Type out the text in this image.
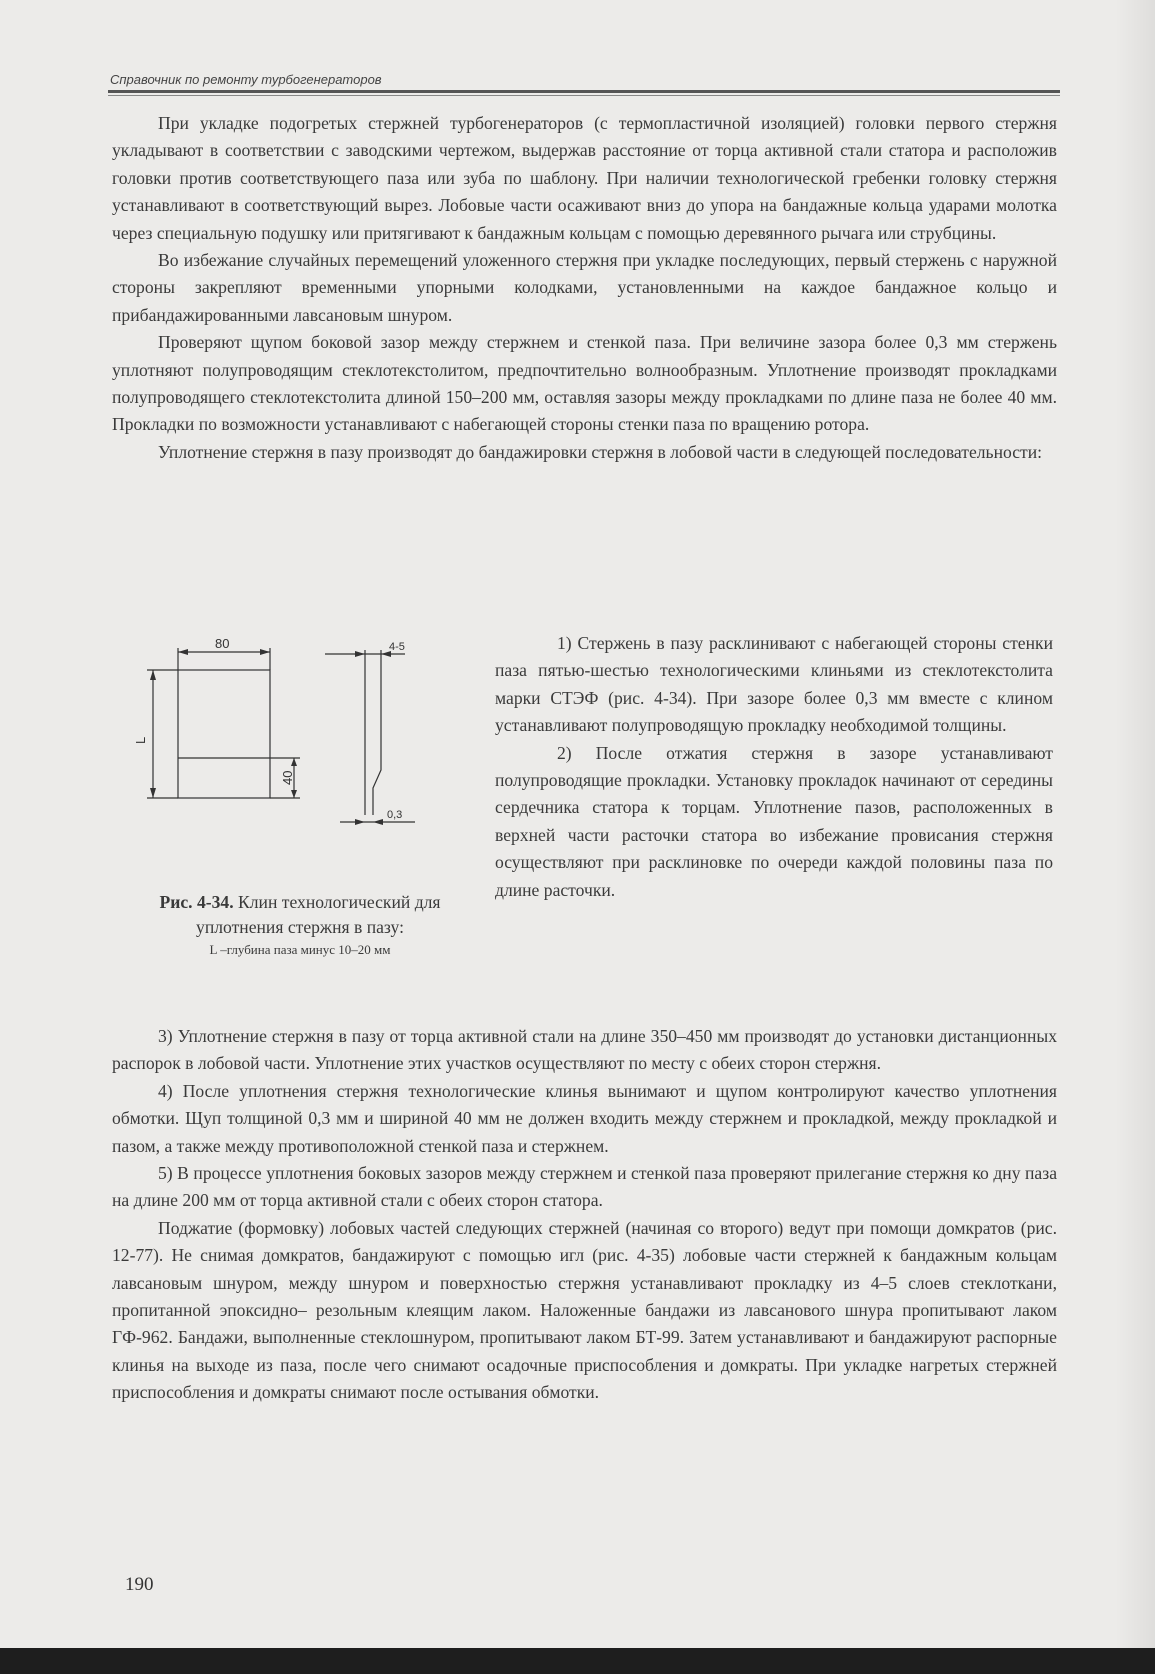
Справочник по ремонту турбогенераторов

При укладке подогретых стержней турбогенераторов (с термопластичной изоляцией) головки первого стержня укладывают в соответствии с заводскими чертежом, выдержав расстояние от торца активной стали статора и расположив головки против соответствующего паза или зуба по шаблону. При наличии технологической гребенки головку стержня устанавливают в соответствующий вырез. Лобовые части осаживают вниз до упора на бандажные кольца ударами молотка через специальную подушку или притягивают к бандажным кольцам с помощью деревянного рычага или струбцины.

Во избежание случайных перемещений уложенного стержня при укладке последующих, первый стержень с наружной стороны закрепляют временными упорными колодками, установленными на каждое бандажное кольцо и прибандажированными лавсановым шнуром.

Проверяют щупом боковой зазор между стержнем и стенкой паза. При величине зазора более 0,3 мм стержень уплотняют полупроводящим стеклотекстолитом, предпочтительно волнообразным. Уплотнение производят прокладками полупроводящего стеклотекстолита длиной 150–200 мм, оставляя зазоры между прокладками по длине паза не более 40 мм. Прокладки по возможности устанавливают с набегающей стороны стенки паза по вращению ротора.

Уплотнение стержня в пазу производят до бандажировки стержня в лобовой части в следующей последовательности:

80
L
40
4-5
0,3
Рис. 4-34. Клин технологический для уплотнения стержня в пазу:
L –глубина паза минус 10–20 мм

1) Стержень в пазу расклинивают с набегающей стороны стенки паза пятью-шестью технологическими клиньями из стеклотекстолита марки СТЭФ (рис. 4-34). При зазоре более 0,3 мм вместе с клином устанавливают полупроводящую прокладку необходимой толщины.

2) После отжатия стержня в зазоре устанавливают полупроводящие прокладки. Установку прокладок начинают от середины сердечника статора к торцам. Уплотнение пазов, расположенных в верхней части расточки статора во избежание провисания стержня осуществляют при расклиновке по очереди каждой половины паза по длине расточки.

3) Уплотнение стержня в пазу от торца активной стали на длине 350–450 мм производят до установки дистанционных распорок в лобовой части. Уплотнение этих участков осуществляют по месту с обеих сторон стержня.

4) После уплотнения стержня технологические клинья вынимают и щупом контролируют качество уплотнения обмотки. Щуп толщиной 0,3 мм и шириной 40 мм не должен входить между стержнем и прокладкой, между прокладкой и пазом, а также между противоположной стенкой паза и стержнем.

5) В процессе уплотнения боковых зазоров между стержнем и стенкой паза проверяют прилегание стержня ко дну паза на длине 200 мм от торца активной стали с обеих сторон статора.

Поджатие (формовку) лобовых частей следующих стержней (начиная со второго) ведут при помощи домкратов (рис. 12-77). Не снимая домкратов, бандажируют с помощью игл (рис. 4-35) лобовые части стержней к бандажным кольцам лавсановым шнуром, между шнуром и поверхностью стержня устанавливают прокладку из 4–5 слоев стеклоткани, пропитанной эпоксидно– резольным клеящим лаком. Наложенные бандажи из лавсанового шнура пропитывают лаком ГФ-962. Бандажи, выполненные стеклошнуром, пропитывают лаком БТ-99. Затем устанавливают и бандажируют распорные клинья на выходе из паза, после чего снимают осадочные приспособления и домкраты. При укладке нагретых стержней приспособления и домкраты снимают после остывания обмотки.

190
